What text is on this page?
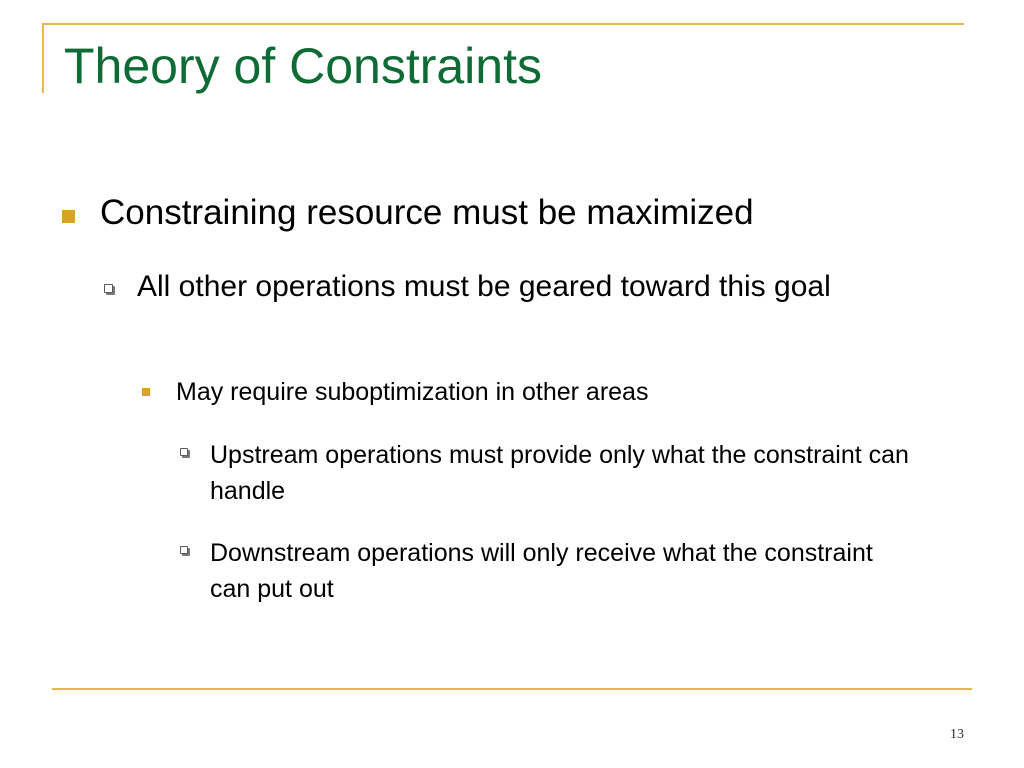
Theory of Constraints

Constraining resource must be maximized

All other operations must be geared toward this goal

May require suboptimization in other areas

Upstream operations must provide only what the constraint can handle

Downstream operations will only receive what the constraint can put out

13
